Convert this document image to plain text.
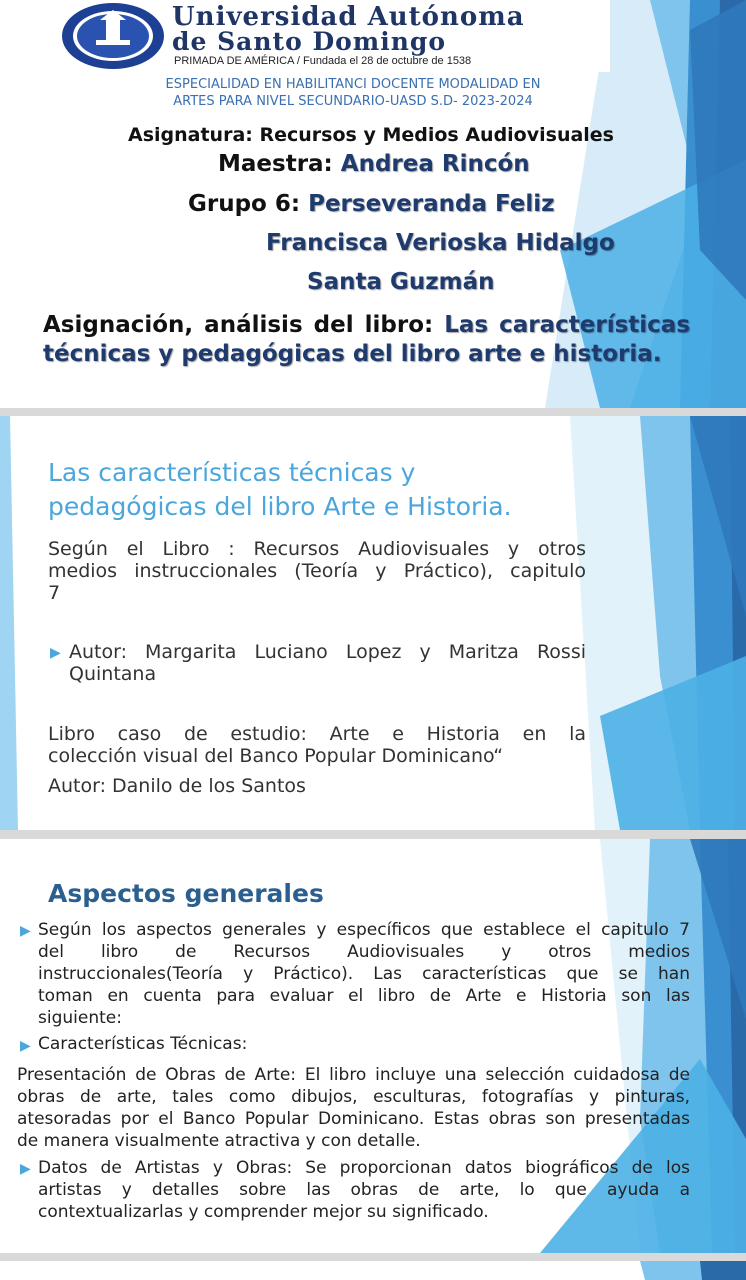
Universidad Autónoma
de Santo Domingo
PRIMADA DE AMÉRICA / Fundada el 28 de octubre de 1538
ESPECIALIDAD EN HABILITANCI DOCENTE MODALIDAD EN
ARTES PARA NIVEL SECUNDARIO-UASD S.D- 2023-2024
Asignatura: Recursos y Medios Audiovisuales
Maestra: Andrea Rincón
Grupo 6: Perseveranda Feliz
Francisca Verioska Hidalgo
Santa Guzmán
Asignación, análisis del libro: Las características
técnicas y pedagógicas del libro arte e historia.
Las características técnicas y
pedagógicas del libro Arte e Historia.
Según el Libro : Recursos Audiovisuales y otros
medios instruccionales (Teoría y Práctico), capitulo
7
▶ Autor: Margarita Luciano Lopez y Maritza Rossi
Quintana
Libro caso de estudio: Arte e Historia en la
colección visual del Banco Popular Dominicano“
Autor: Danilo de los Santos
Aspectos generales
▶ Según los aspectos generales y específicos que establece el capitulo 7
del libro de Recursos Audiovisuales y otros medios
instruccionales(Teoría y Práctico). Las características que se han
toman en cuenta para evaluar el libro de Arte e Historia son las
siguiente:
▶ Características Técnicas:
Presentación de Obras de Arte: El libro incluye una selección cuidadosa de
obras de arte, tales como dibujos, esculturas, fotografías y pinturas,
atesoradas por el Banco Popular Dominicano. Estas obras son presentadas
de manera visualmente atractiva y con detalle.
▶ Datos de Artistas y Obras: Se proporcionan datos biográficos de los
artistas y detalles sobre las obras de arte, lo que ayuda a
contextualizarlas y comprender mejor su significado.
